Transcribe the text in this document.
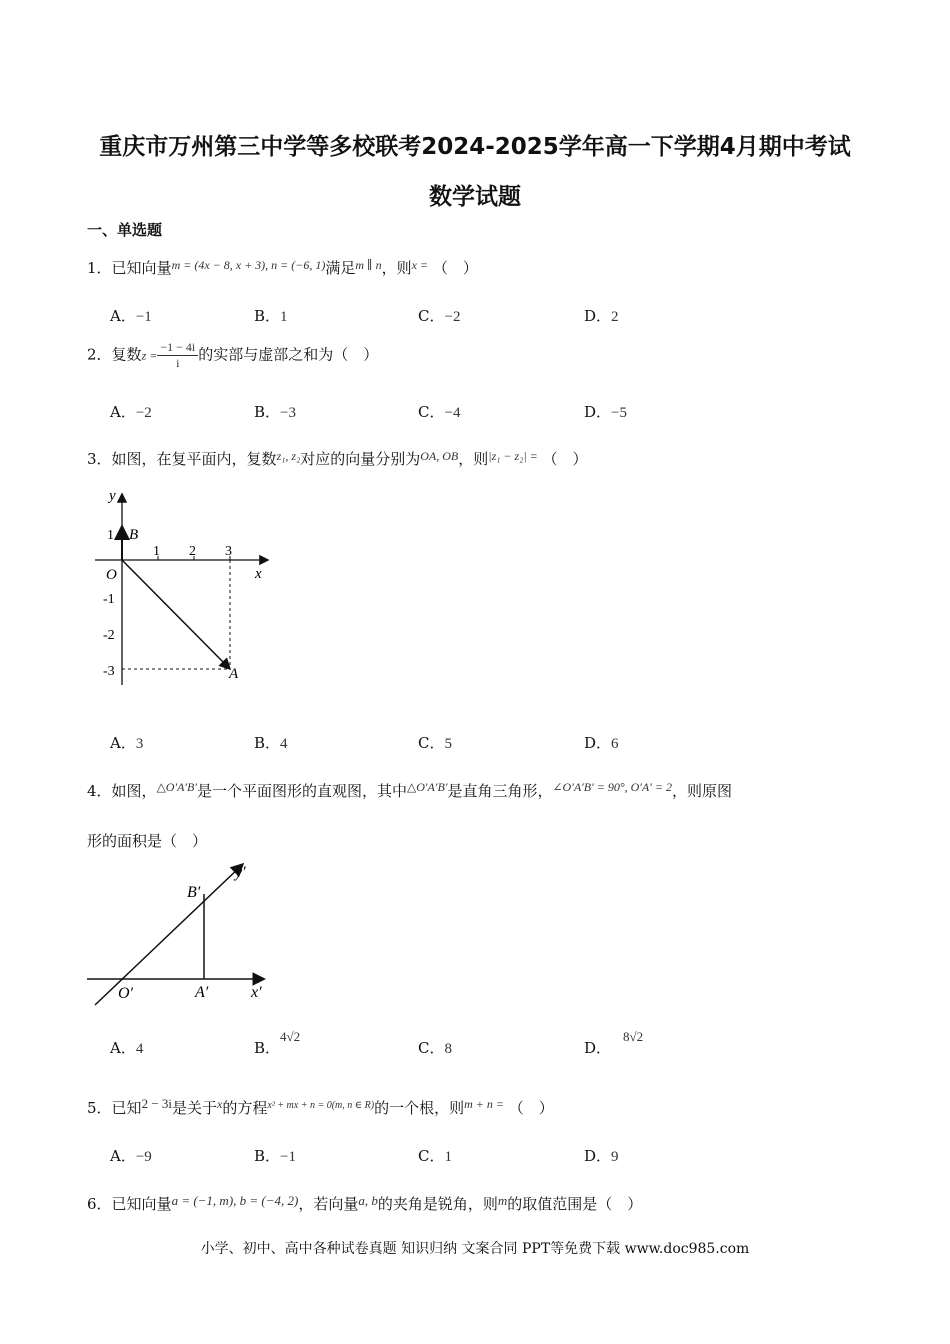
重庆市万州第三中学等多校联考2024-2025学年高一下学期4月期中考试
数学试题
一、单选题
1．已知向量$^{m = (4x - 8, x + 3), n = (-6, 1)}$满足$^{m \parallel n}$，则$^{x =}$ （　）
A．−1	B．1	C．−2	D．2
2．复数$z = \frac{-1 - 4i}{i}$ 的实部与虚部之和为（　）
A．−2	B．−3	C．−4	D．−5
3．如图，在复平面内，复数$^{z_1, z_2}$对应的向量分别为$^{OA, OB}$，则$^{|z_1 - z_2| =}$ （　）
y
x
O
B
A
1 2 3
1
-1
-2
-3
A．3	B．4	C．5	D．6
4．如图，$^{\triangle O'A'B'}$是一个平面图形的直观图，其中$^{\triangle O'A'B'}$是直角三角形，$^{\angle O'A'B' = 90^\circ, O'A' = 2}$，则原图
形的面积是（　）
y′
x′
O′	A′
B′
A．4	B．4√2
C．8	D．8√2
5．已知2 − 3i是关于$^x$的方程$^{x^2 + mx + n = 0(m, n \in R)}$的一个根，则$^{m + n =}$ （　）
A．−9	B．−1	C．1	D．9
6．已知向量a = (−1, m), b = (−4, 2)，若向量a, b的夹角是锐角，则m的取值范围是（　）
小学、初中、高中各种试卷真题 知识归纳 文案合同 PPT等免费下载 www.doc985.com
